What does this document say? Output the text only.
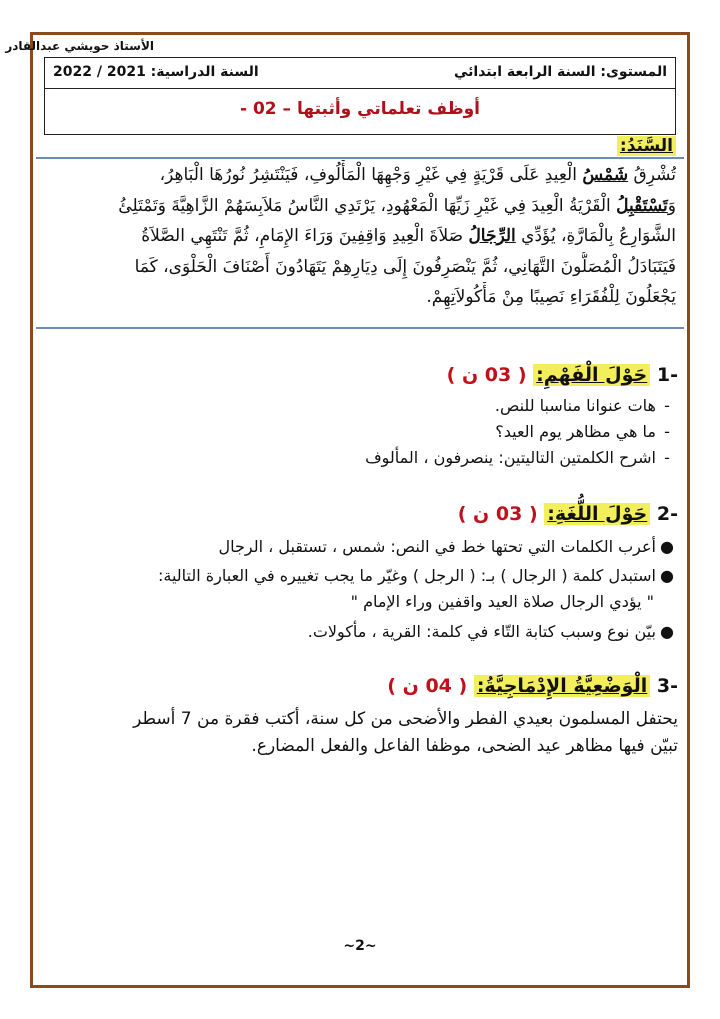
الأستاذ حويشي عبدالقادر
المستوى: السنة الرابعة ابتدائي
السنة الدراسية: 2021 / 2022
أوظف تعلماتي وأثبتها – 02 -
السَّنَدُ:
تُشْرِقُ شَمْسُ الْعِيدِ عَلَى قَرْيَةٍ فِي غَيْرِ وَجْهِهَا الْمَأْلُوفِ، فَيَنْتَشِرُ نُورُهَا الْبَاهِرُ،
وَتَسْتَقْبِلُ الْقَرْيَةُ الْعِيدَ فِي غَيْرِ زَيِّهَا الْمَعْهُودِ، يَرْتَدِي النَّاسُ مَلاَبِسَهُمْ الزَّاهِيَّةَ وَتَمْتَلِئُ
الشَّوَارِعُ بِالْمَارَّةِ، يُؤَدِّي الرِّجَالُ صَلاَةَ الْعِيدِ وَاقِفِينَ وَرَاءَ الإِمَامِ، ثُمَّ تَنْتَهِي الصَّلاَةُ
فَيَتَبَادَلُ الْمُصَلُّونَ التَّهَانِي، ثُمَّ يَنْصَرِفُونَ إِلَى دِيَارِهِمْ يَتَهَادُونَ أَصْنَافَ الْحَلْوَى، كَمَا
يَجْعَلُونَ لِلْفُقَرَاءِ نَصِيبًا مِنْ مَأْكُولاَتِهِمْ.
-1 حَوْلَ الْفَهْمِ: ( 03 ن )
-هات عنوانا مناسبا للنص.
-ما هي مظاهر يوم العيد؟
-اشرح الكلمتين التاليتين: ينصرفون ، المألوف
-2 حَوْلَ اللُّغَةِ: ( 03 ن )
●أعرب الكلمات التي تحتها خط في النص: شمس ، تستقبل ، الرجال
●استبدل كلمة ( الرجال ) بـ: ( الرجل ) وغيّر ما يجب تغييره في العبارة التالية:
" يؤدي الرجال صلاة العيد واقفين وراء الإمام "
●بيّن نوع وسبب كتابة التّاء في كلمة: القرية ، مأكولات.
-3 الْوَضْعِيَّةُ الإِدْمَاجِيَّةُ: ( 04 ن )
يحتفل المسلمون بعيدي الفطر والأضحى من كل سنة، أكتب فقرة من 7 أسطر
تبيّن فيها مظاهر عيد الضحى، موظفا الفاعل والفعل المضارع.
~2~
